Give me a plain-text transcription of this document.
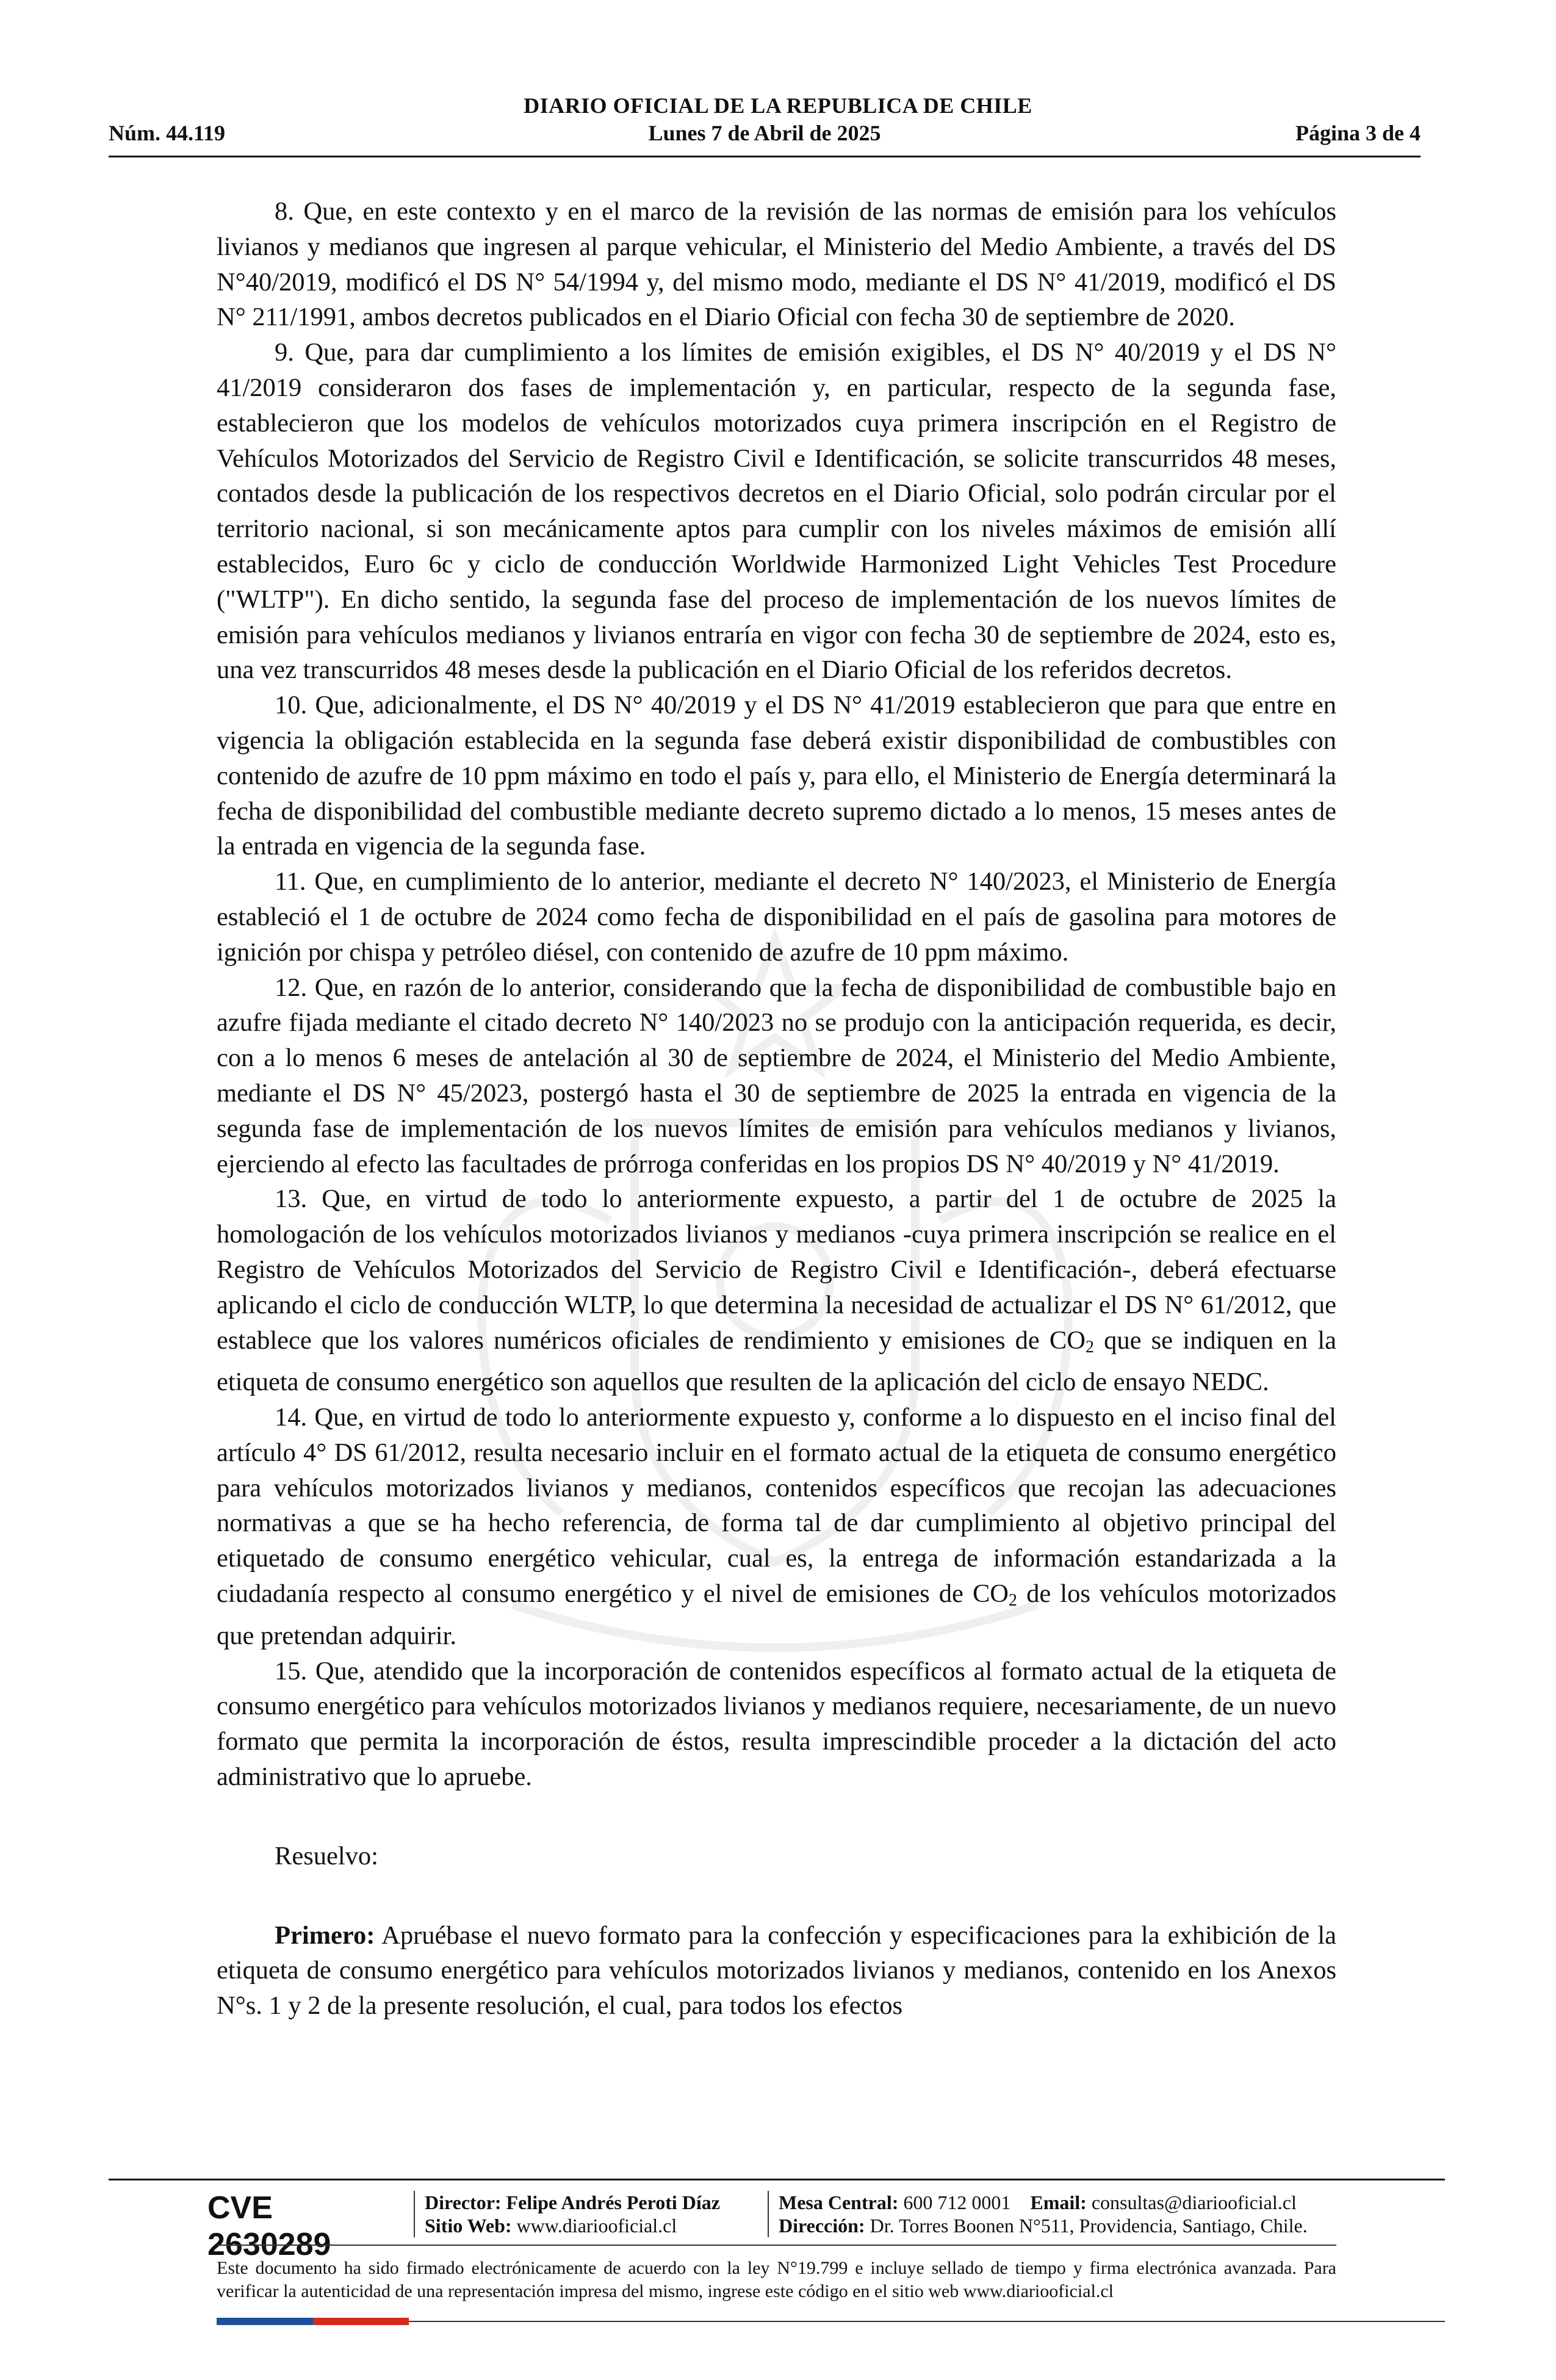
DIARIO OFICIAL DE LA REPUBLICA DE CHILE
Núm. 44.119	Lunes 7 de Abril de 2025	Página 3 de 4

8. Que, en este contexto y en el marco de la revisión de las normas de emisión para los vehículos livianos y medianos que ingresen al parque vehicular, el Ministerio del Medio Ambiente, a través del DS N°40/2019, modificó el DS N° 54/1994 y, del mismo modo, mediante el DS N° 41/2019, modificó el DS N° 211/1991, ambos decretos publicados en el Diario Oficial con fecha 30 de septiembre de 2020.

9. Que, para dar cumplimiento a los límites de emisión exigibles, el DS N° 40/2019 y el DS N° 41/2019 consideraron dos fases de implementación y, en particular, respecto de la segunda fase, establecieron que los modelos de vehículos motorizados cuya primera inscripción en el Registro de Vehículos Motorizados del Servicio de Registro Civil e Identificación, se solicite transcurridos 48 meses, contados desde la publicación de los respectivos decretos en el Diario Oficial, solo podrán circular por el territorio nacional, si son mecánicamente aptos para cumplir con los niveles máximos de emisión allí establecidos, Euro 6c y ciclo de conducción Worldwide Harmonized Light Vehicles Test Procedure ("WLTP"). En dicho sentido, la segunda fase del proceso de implementación de los nuevos límites de emisión para vehículos medianos y livianos entraría en vigor con fecha 30 de septiembre de 2024, esto es, una vez transcurridos 48 meses desde la publicación en el Diario Oficial de los referidos decretos.

10. Que, adicionalmente, el DS N° 40/2019 y el DS N° 41/2019 establecieron que para que entre en vigencia la obligación establecida en la segunda fase deberá existir disponibilidad de combustibles con contenido de azufre de 10 ppm máximo en todo el país y, para ello, el Ministerio de Energía determinará la fecha de disponibilidad del combustible mediante decreto supremo dictado a lo menos, 15 meses antes de la entrada en vigencia de la segunda fase.

11. Que, en cumplimiento de lo anterior, mediante el decreto N° 140/2023, el Ministerio de Energía estableció el 1 de octubre de 2024 como fecha de disponibilidad en el país de gasolina para motores de ignición por chispa y petróleo diésel, con contenido de azufre de 10 ppm máximo.

12. Que, en razón de lo anterior, considerando que la fecha de disponibilidad de combustible bajo en azufre fijada mediante el citado decreto N° 140/2023 no se produjo con la anticipación requerida, es decir, con a lo menos 6 meses de antelación al 30 de septiembre de 2024, el Ministerio del Medio Ambiente, mediante el DS N° 45/2023, postergó hasta el 30 de septiembre de 2025 la entrada en vigencia de la segunda fase de implementación de los nuevos límites de emisión para vehículos medianos y livianos, ejerciendo al efecto las facultades de prórroga conferidas en los propios DS N° 40/2019 y N° 41/2019.

13. Que, en virtud de todo lo anteriormente expuesto, a partir del 1 de octubre de 2025 la homologación de los vehículos motorizados livianos y medianos -cuya primera inscripción se realice en el Registro de Vehículos Motorizados del Servicio de Registro Civil e Identificación-, deberá efectuarse aplicando el ciclo de conducción WLTP, lo que determina la necesidad de actualizar el DS N° 61/2012, que establece que los valores numéricos oficiales de rendimiento y emisiones de $CO_2$ que se indiquen en la etiqueta de consumo energético son aquellos que resulten de la aplicación del ciclo de ensayo NEDC.

14. Que, en virtud de todo lo anteriormente expuesto y, conforme a lo dispuesto en el inciso final del artículo 4° DS 61/2012, resulta necesario incluir en el formato actual de la etiqueta de consumo energético para vehículos motorizados livianos y medianos, contenidos específicos que recojan las adecuaciones normativas a que se ha hecho referencia, de forma tal de dar cumplimiento al objetivo principal del etiquetado de consumo energético vehicular, cual es, la entrega de información estandarizada a la ciudadanía respecto al consumo energético y el nivel de emisiones de $CO_2$ de los vehículos motorizados que pretendan adquirir.

15. Que, atendido que la incorporación de contenidos específicos al formato actual de la etiqueta de consumo energético para vehículos motorizados livianos y medianos requiere, necesariamente, de un nuevo formato que permita la incorporación de éstos, resulta imprescindible proceder a la dictación del acto administrativo que lo apruebe.

Resuelvo:

Primero: Apruébase el nuevo formato para la confección y especificaciones para la exhibición de la etiqueta de consumo energético para vehículos motorizados livianos y medianos, contenido en los Anexos N°s. 1 y 2 de la presente resolución, el cual, para todos los efectos

CVE 2630289
Director: Felipe Andrés Peroti Díaz
Sitio Web: www.diariooficial.cl
Mesa Central: 600 712 0001 Email: consultas@diariooficial.cl
Dirección: Dr. Torres Boonen N°511, Providencia, Santiago, Chile.
Este documento ha sido firmado electrónicamente de acuerdo con la ley N°19.799 e incluye sellado de tiempo y firma electrónica avanzada. Para verificar la autenticidad de una representación impresa del mismo, ingrese este código en el sitio web www.diariooficial.cl
